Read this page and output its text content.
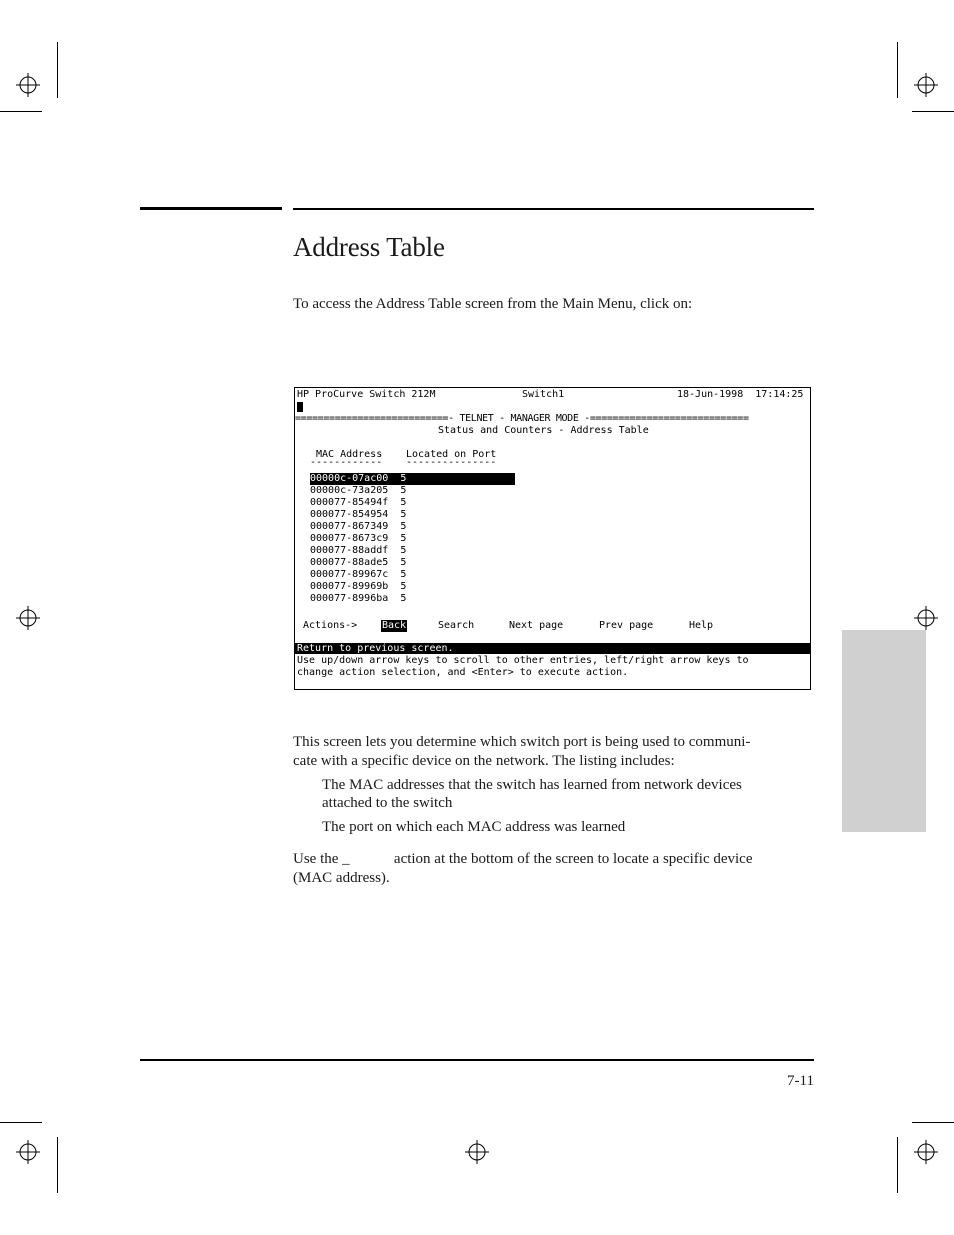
Address Table
To access the Address Table screen from the Main Menu, click on:
HP ProCurve Switch 212M	Switch1	18-Jun-1998  17:14:25
===========================- TELNET - MANAGER MODE -============================
Status and Counters - Address Table
MAC Address Located on Port
------------ ---------------
00000c-07ac00 5
00000c-73a205 5
000077-85494f 5
000077-854954 5
000077-867349 5
000077-8673c9 5
000077-88addf 5
000077-88ade5 5
000077-89967c 5
000077-89969b 5
000077-8996ba 5
Actions-> Back	Search	Next page	Prev page	Help
Return to previous screen.
Use up/down arrow keys to scroll to other entries, left/right arrow keys to
change action selection, and <Enter> to execute action.
This screen lets you determine which switch port is being used to communi-
cate with a specific device on the network. The listing includes:
The MAC addresses that the switch has learned from network devices
attached to the switch
The port on which each MAC address was learned
Use the _	action at the bottom of the screen to locate a specific device
(MAC address).
7-11
